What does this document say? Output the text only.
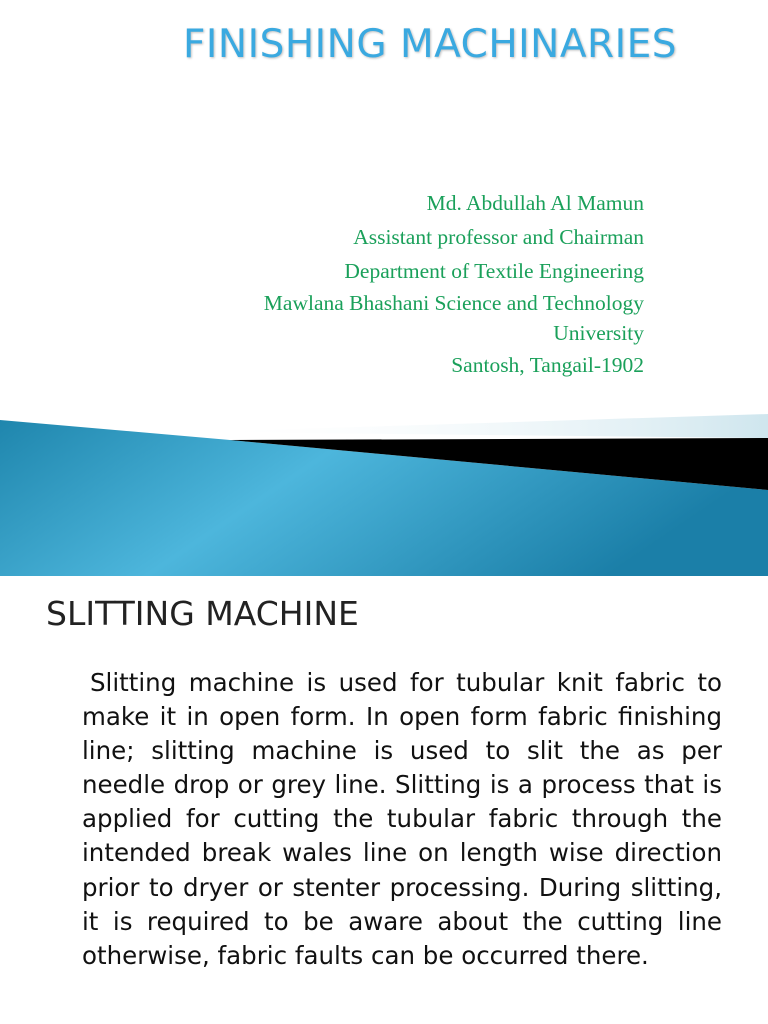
FINISHING MACHINARIES
Md. Abdullah Al Mamun
Assistant professor and Chairman
Department of Textile Engineering
Mawlana Bhashani Science and Technology
University
Santosh, Tangail-1902
SLITTING MACHINE
Slitting machine is used for tubular knit fabric to make it in open form. In open form fabric finishing line; slitting machine is used to slit the as per needle drop or grey line. Slitting is a process that is applied for cutting the tubular fabric through the intended break wales line on length wise direction prior to dryer or stenter processing. During slitting, it is required to be aware about the cutting line otherwise, fabric faults can be occurred there.
